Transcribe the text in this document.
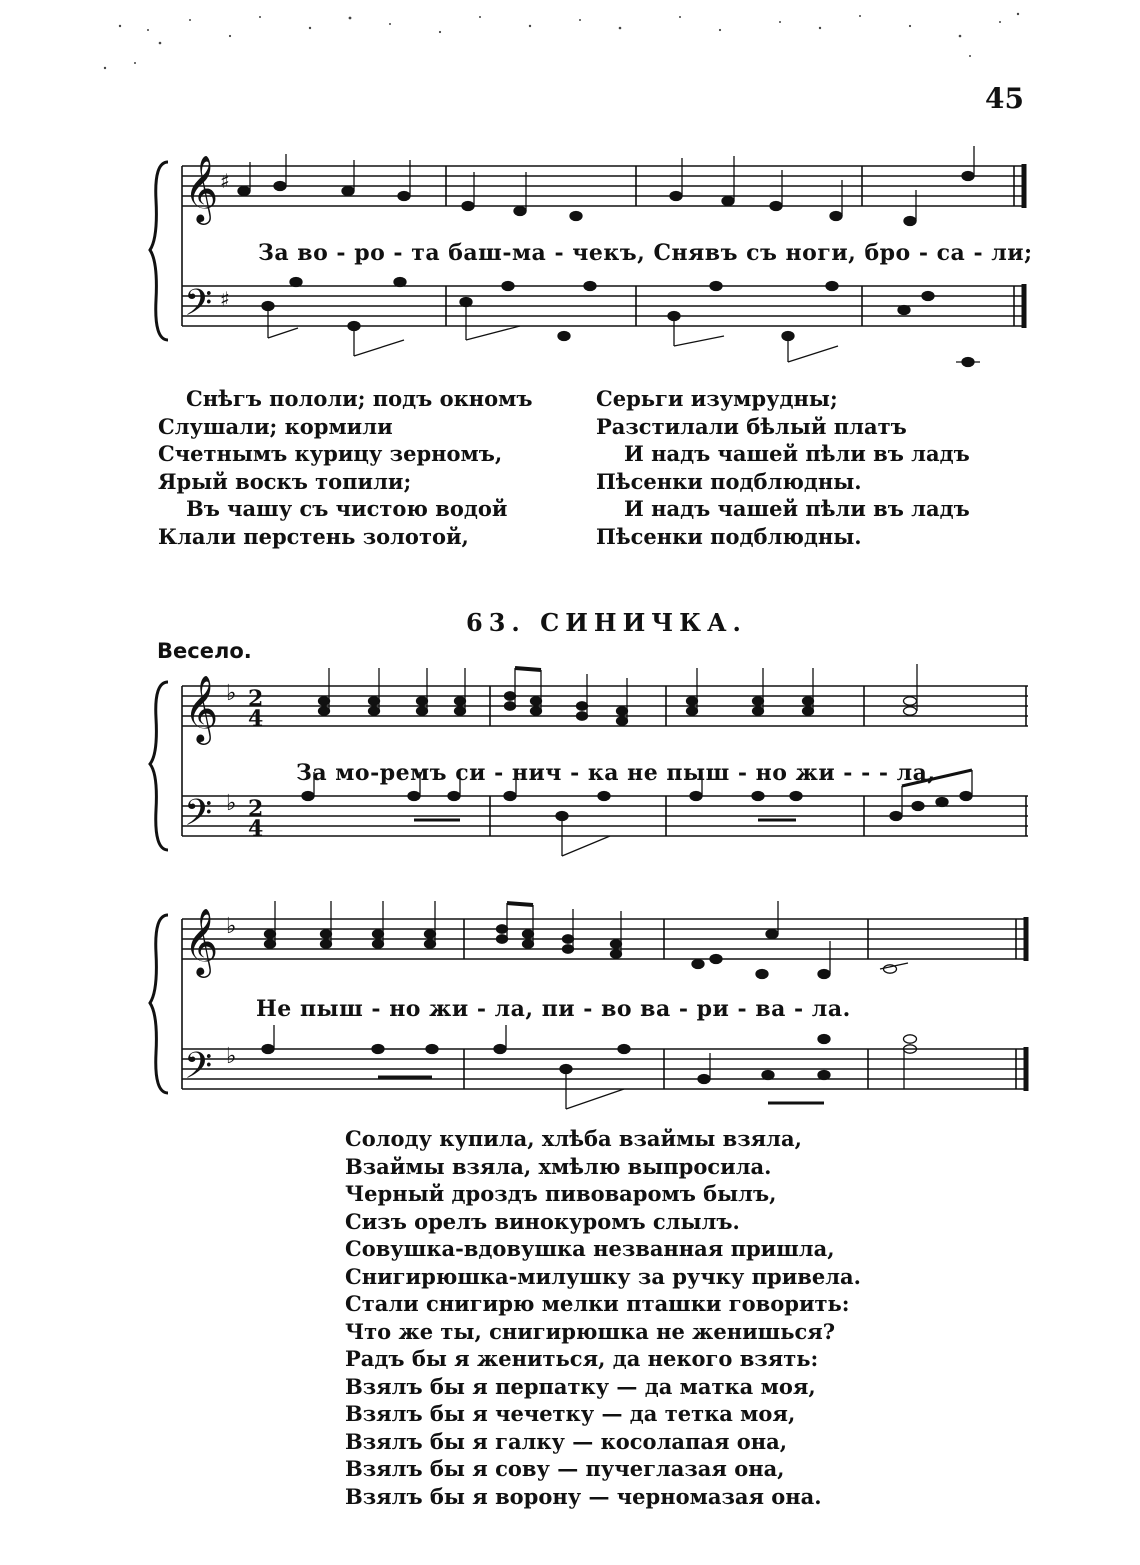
45
𝄞
𝄢
♯
♯
За во - ро - та баш-ма - чекъ, Снявъ съ ноги, бро - са - ли;
Снѣгъ пололи; подъ окномъ
Слушали; кормили
Счетнымъ курицу зерномъ,
Ярый воскъ топили;
Въ чашу съ чистою водой
Клали перстень золотой,
Серьги изумрудны;
Разстилали бѣлый платъ
И надъ чашей пѣли въ ладъ
Пѣсенки подблюдны.
И надъ чашей пѣли въ ладъ
Пѣсенки подблюдны.
63. СИНИЧКА.
Весело.
𝄞
𝄢
♭
♭
2
4
2
4
За мо-ремъ си - нич - ка не пыш - но жи - - - ла,
𝄞
𝄢
♭
♭
Не пыш - но жи - ла, пи - во ва - ри - ва - ла.
Солоду купила, хлѣба взаймы взяла,
Взаймы взяла, хмѣлю выпросила.
Черный дроздъ пивоваромъ былъ,
Сизъ орелъ винокуромъ слылъ.
Совушка-вдовушка незванная пришла,
Снигирюшка-милушку за ручку привела.
Стали снигирю мелки пташки говорить:
Что же ты, снигирюшка не женишься?
Радъ бы я жениться, да некого взять:
Взялъ бы я перпатку — да матка моя,
Взялъ бы я чечетку — да тетка моя,
Взялъ бы я галку — косолапая она,
Взялъ бы я сову — пучеглазая она,
Взялъ бы я ворону — черномазая она.
